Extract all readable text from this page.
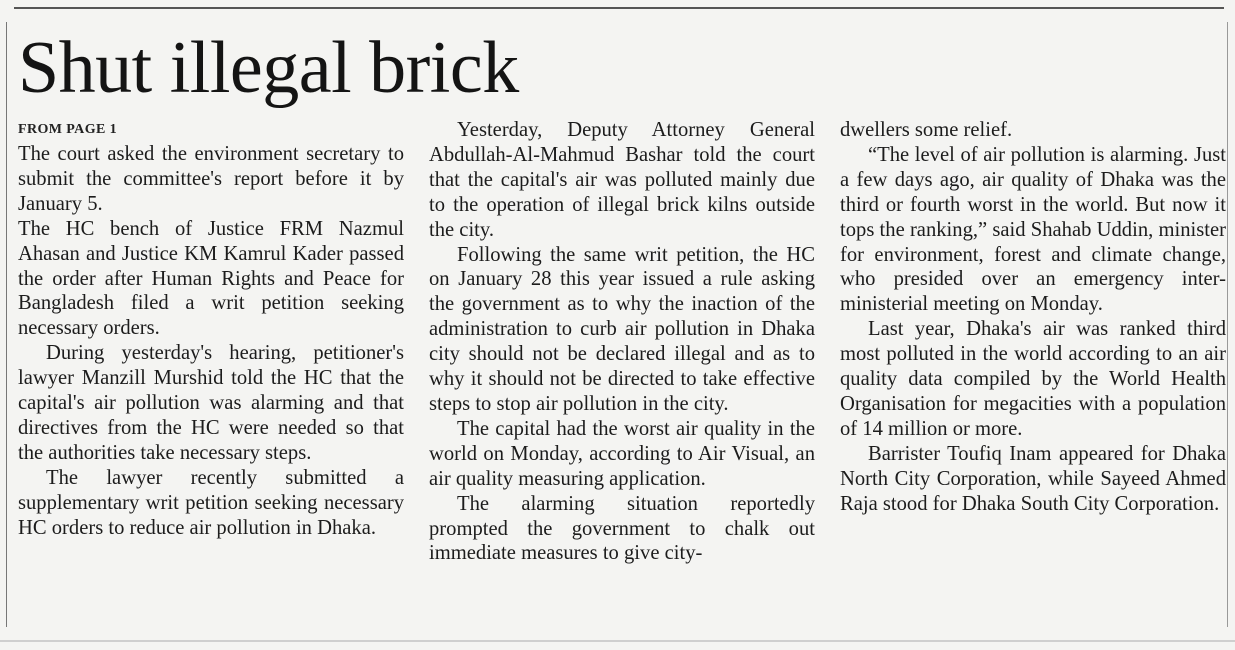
Shut illegal brick

FROM PAGE 1

The court asked the environment secretary to submit the committee's report before it by January 5.

The HC bench of Justice FRM Nazmul Ahasan and Justice KM Kamrul Kader passed the order after Human Rights and Peace for Bangladesh filed a writ petition seeking necessary orders.

During yesterday's hearing, petitioner's lawyer Manzill Murshid told the HC that the capital's air pollution was alarming and that directives from the HC were needed so that the authorities take necessary steps.

The lawyer recently submitted a supplementary writ petition seeking necessary HC orders to reduce air pollution in Dhaka.

Yesterday, Deputy Attorney General Abdullah-Al-Mahmud Bashar told the court that the capital's air was polluted mainly due to the operation of illegal brick kilns outside the city.

Following the same writ petition, the HC on January 28 this year issued a rule asking the government as to why the inaction of the administration to curb air pollution in Dhaka city should not be declared illegal and as to why it should not be directed to take effective steps to stop air pollution in the city.

The capital had the worst air quality in the world on Monday, according to Air Visual, an air quality measuring application.

The alarming situation reportedly prompted the government to chalk out immediate measures to give city-

dwellers some relief.

“The level of air pollution is alarming. Just a few days ago, air quality of Dhaka was the third or fourth worst in the world. But now it tops the ranking,” said Shahab Uddin, minister for environment, forest and climate change, who presided over an emergency inter-ministerial meeting on Monday.

Last year, Dhaka's air was ranked third most polluted in the world according to an air quality data compiled by the World Health Organisation for megacities with a population of 14 million or more.

Barrister Toufiq Inam appeared for Dhaka North City Corporation, while Sayeed Ahmed Raja stood for Dhaka South City Corporation.
